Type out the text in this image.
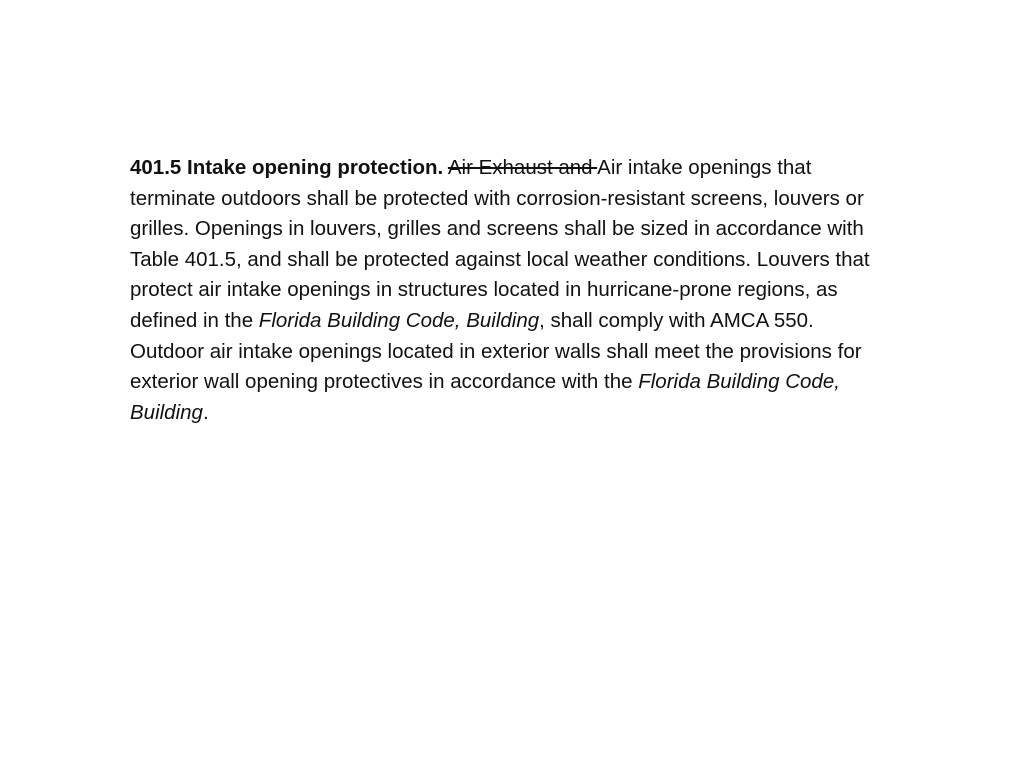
401.5 Intake opening protection. Air Exhaust and Air intake openings that terminate outdoors shall be protected with corrosion-resistant screens, louvers or grilles. Openings in louvers, grilles and screens shall be sized in accordance with Table 401.5, and shall be protected against local weather conditions. Louvers that protect air intake openings in structures located in hurricane-prone regions, as defined in the Florida Building Code, Building, shall comply with AMCA 550. Outdoor air intake openings located in exterior walls shall meet the provisions for exterior wall opening protectives in accordance with the Florida Building Code, Building.
